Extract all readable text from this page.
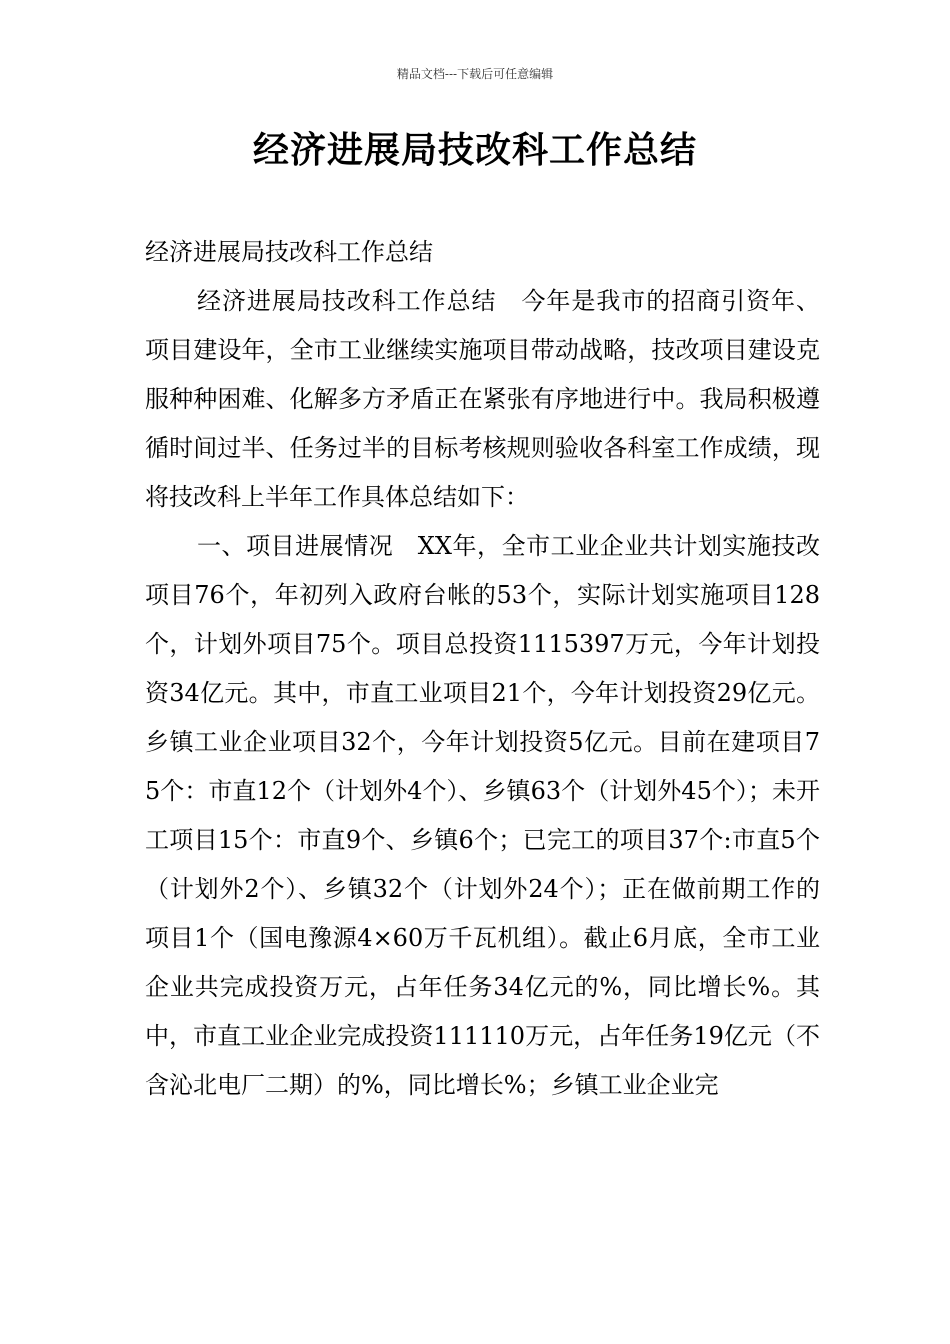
精品文档---下载后可任意编辑
经济进展局技改科工作总结

经济进展局技改科工作总结

经济进展局技改科工作总结　今年是我市的招商引资年、项目建设年，全市工业继续实施项目带动战略，技改项目建设克服种种困难、化解多方矛盾正在紧张有序地进行中。我局积极遵循时间过半、任务过半的目标考核规则验收各科室工作成绩，现将技改科上半年工作具体总结如下：

一、项目进展情况　XX年，全市工业企业共计划实施技改项目76个，年初列入政府台帐的53个，实际计划实施项目128个，计划外项目75个。项目总投资1115397万元，今年计划投资34亿元。其中，市直工业项目21个，今年计划投资29亿元。乡镇工业企业项目32个，今年计划投资5亿元。目前在建项目75个：市直12个（计划外4个）、乡镇63个（计划外45个）；未开工项目15个：市直9个、乡镇6个；已完工的项目37个:市直5个（计划外2个）、乡镇32个（计划外24个）；正在做前期工作的项目1个（国电豫源4×60万千瓦机组）。截止6月底，全市工业企业共完成投资万元，占年任务34亿元的%，同比增长%。其中，市直工业企业完成投资111110万元，占年任务19亿元（不含沁北电厂二期）的%，同比增长%；乡镇工业企业完
